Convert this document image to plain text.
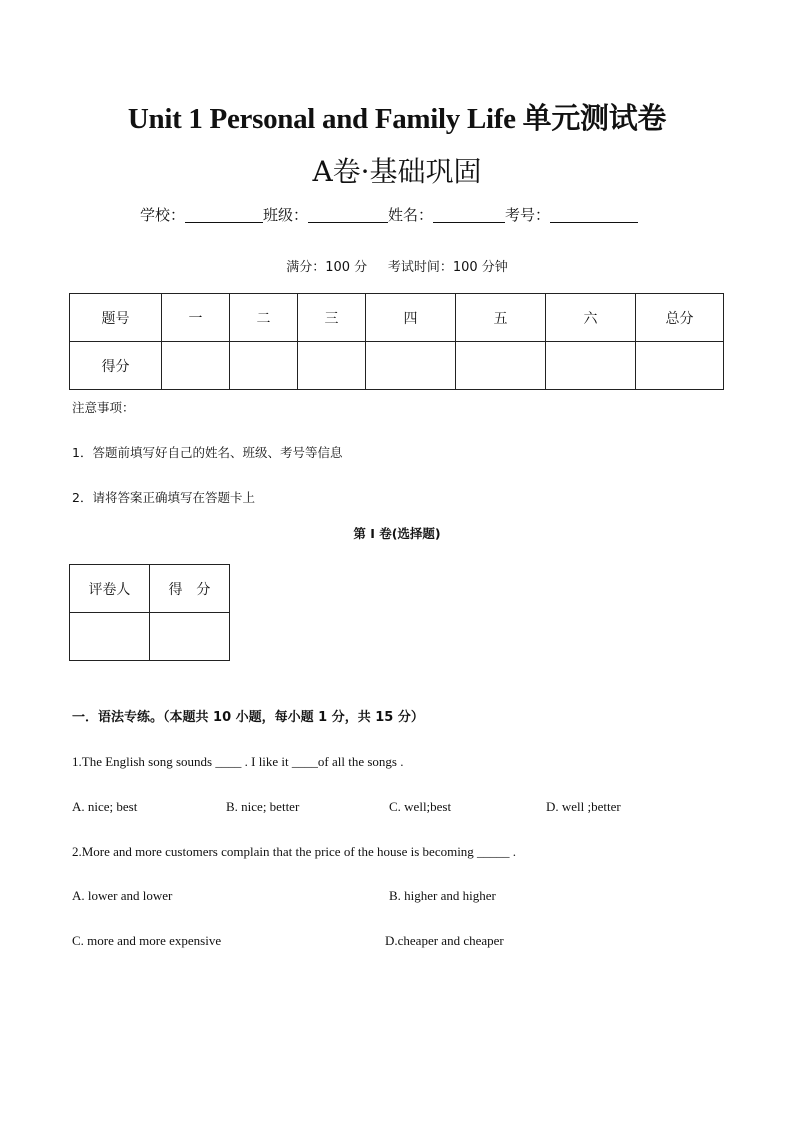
Unit 1 Personal and Family Life 单元测试卷
A卷·基础巩固
学校：	班级：	姓名：	考号：
满分：100 分     考试时间：100 分钟
题号	一	二	三	四	五	六	总分
得分							
注意事项：
1．答题前填写好自己的姓名、班级、考号等信息
2．请将答案正确填写在答题卡上
第 I 卷(选择题)
评卷人	得　分

一．语法专练。（本题共 10 小题，每小题 1 分，共 15 分）
1.The English song sounds ____ . I like it ____of all the songs .
A. nice; best	B. nice; better	C. well;best	D. well ;better
2.More and more customers complain that the price of the house is becoming _____ .
A. lower and lower	B. higher and higher
C. more and more expensive	D.cheaper and cheaper
